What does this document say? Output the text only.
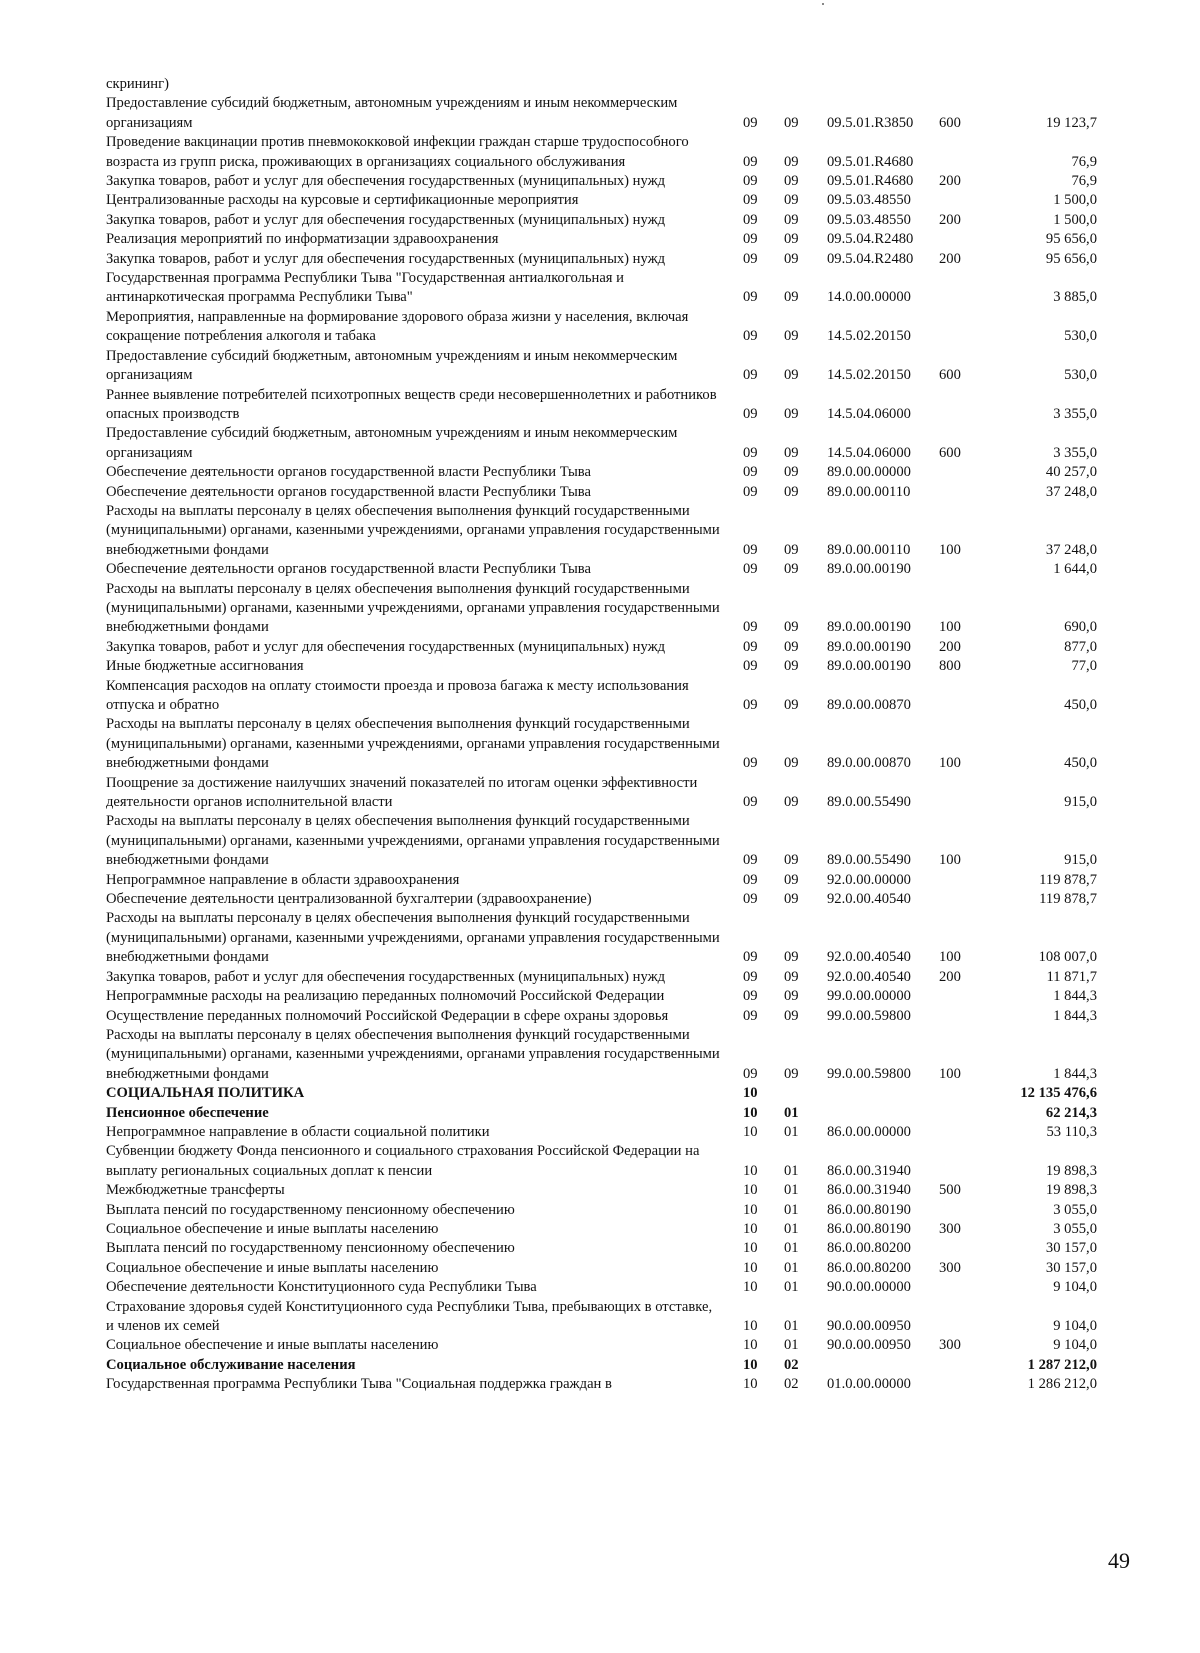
скрининг)					
Предоставление субсидий бюджетным, автономным учреждениям и иным некоммерческим организациям	09	09	09.5.01.R3850	600	19 123,7
Проведение вакцинации против пневмококковой инфекции граждан старше трудоспособного возраста из групп риска, проживающих в организациях социального обслуживания	09	09	09.5.01.R4680		76,9
Закупка товаров, работ и услуг для обеспечения государственных (муниципальных) нужд	09	09	09.5.01.R4680	200	76,9
Централизованные расходы на курсовые и сертификационные мероприятия	09	09	09.5.03.48550		1 500,0
Закупка товаров, работ и услуг для обеспечения государственных (муниципальных) нужд	09	09	09.5.03.48550	200	1 500,0
Реализация мероприятий по информатизации здравоохранения	09	09	09.5.04.R2480		95 656,0
Закупка товаров, работ и услуг для обеспечения государственных (муниципальных) нужд	09	09	09.5.04.R2480	200	95 656,0
Государственная программа Республики Тыва "Государственная антиалкогольная и антинаркотическая программа Республики Тыва"	09	09	14.0.00.00000		3 885,0
Мероприятия, направленные на формирование здорового образа жизни у населения, включая сокращение потребления алкоголя и табака	09	09	14.5.02.20150		530,0
Предоставление субсидий бюджетным, автономным учреждениям и иным некоммерческим организациям	09	09	14.5.02.20150	600	530,0
Раннее выявление потребителей психотропных веществ среди несовершеннолетних и работников опасных производств	09	09	14.5.04.06000		3 355,0
Предоставление субсидий бюджетным, автономным учреждениям и иным некоммерческим организациям	09	09	14.5.04.06000	600	3 355,0
Обеспечение деятельности органов государственной власти Республики Тыва	09	09	89.0.00.00000		40 257,0
Обеспечение деятельности органов государственной власти Республики Тыва	09	09	89.0.00.00110		37 248,0
Расходы на выплаты персоналу в целях обеспечения выполнения функций государственными (муниципальными) органами, казенными учреждениями, органами управления государственными внебюджетными фондами	09	09	89.0.00.00110	100	37 248,0
Обеспечение деятельности органов государственной власти Республики Тыва	09	09	89.0.00.00190		1 644,0
Расходы на выплаты персоналу в целях обеспечения выполнения функций государственными (муниципальными) органами, казенными учреждениями, органами управления государственными внебюджетными фондами	09	09	89.0.00.00190	100	690,0
Закупка товаров, работ и услуг для обеспечения государственных (муниципальных) нужд	09	09	89.0.00.00190	200	877,0
Иные бюджетные ассигнования	09	09	89.0.00.00190	800	77,0
Компенсация расходов на оплату стоимости проезда и провоза багажа к месту использования отпуска и обратно	09	09	89.0.00.00870		450,0
Расходы на выплаты персоналу в целях обеспечения выполнения функций государственными (муниципальными) органами, казенными учреждениями, органами управления государственными внебюджетными фондами	09	09	89.0.00.00870	100	450,0
Поощрение за достижение наилучших значений показателей по итогам оценки эффективности деятельности органов исполнительной власти	09	09	89.0.00.55490		915,0
Расходы на выплаты персоналу в целях обеспечения выполнения функций государственными (муниципальными) органами, казенными учреждениями, органами управления государственными внебюджетными фондами	09	09	89.0.00.55490	100	915,0
Непрограммное направление в области здравоохранения	09	09	92.0.00.00000		119 878,7
Обеспечение деятельности централизованной бухгалтерии (здравоохранение)	09	09	92.0.00.40540		119 878,7
Расходы на выплаты персоналу в целях обеспечения выполнения функций государственными (муниципальными) органами, казенными учреждениями, органами управления государственными внебюджетными фондами	09	09	92.0.00.40540	100	108 007,0
Закупка товаров, работ и услуг для обеспечения государственных (муниципальных) нужд	09	09	92.0.00.40540	200	11 871,7
Непрограммные расходы на реализацию переданных полномочий Российской Федерации	09	09	99.0.00.00000		1 844,3
Осуществление переданных полномочий Российской Федерации в сфере охраны здоровья	09	09	99.0.00.59800		1 844,3
Расходы на выплаты персоналу в целях обеспечения выполнения функций государственными (муниципальными) органами, казенными учреждениями, органами управления государственными внебюджетными фондами	09	09	99.0.00.59800	100	1 844,3
СОЦИАЛЬНАЯ ПОЛИТИКА	10				12 135 476,6
Пенсионное обеспечение	10	01			62 214,3
Непрограммное направление в области социальной политики	10	01	86.0.00.00000		53 110,3
Субвенции бюджету Фонда пенсионного и социального страхования Российской Федерации на выплату региональных социальных доплат к пенсии	10	01	86.0.00.31940		19 898,3
Межбюджетные трансферты	10	01	86.0.00.31940	500	19 898,3
Выплата пенсий по государственному пенсионному обеспечению	10	01	86.0.00.80190		3 055,0
Социальное обеспечение и иные выплаты населению	10	01	86.0.00.80190	300	3 055,0
Выплата пенсий по государственному пенсионному обеспечению	10	01	86.0.00.80200		30 157,0
Социальное обеспечение и иные выплаты населению	10	01	86.0.00.80200	300	30 157,0
Обеспечение деятельности Конституционного суда Республики Тыва	10	01	90.0.00.00000		9 104,0
Страхование здоровья судей Конституционного суда Республики Тыва, пребывающих в отставке, и членов их семей	10	01	90.0.00.00950		9 104,0
Социальное обеспечение и иные выплаты населению	10	01	90.0.00.00950	300	9 104,0
Социальное обслуживание населения	10	02			1 287 212,0
Государственная программа Республики Тыва "Социальная поддержка граждан в	10	02	01.0.00.00000		1 286 212,0
49
